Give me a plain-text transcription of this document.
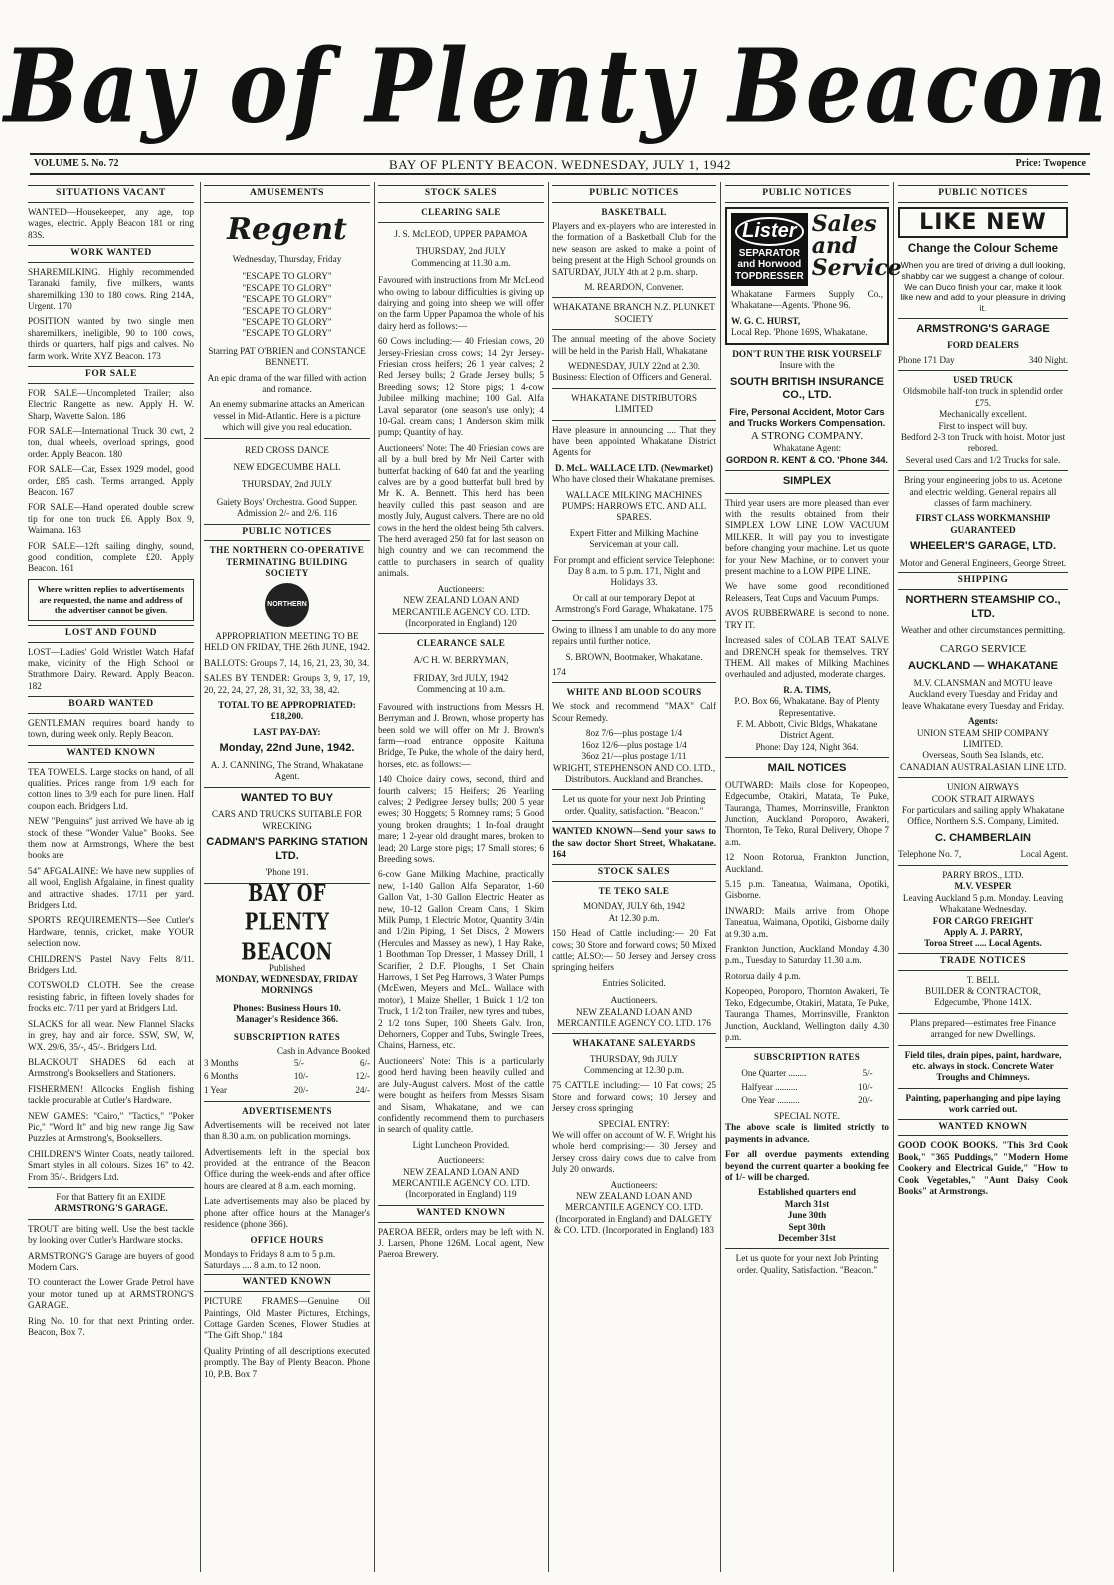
Bay of Plenty Beacon
VOLUME 5. No. 72	BAY OF PLENTY BEACON. WEDNESDAY, JULY 1, 1942	Price: Twopence
SITUATIONS VACANT

WANTED—Housekeeper, any age, top wages, electric. Apply Beacon 181 or ring 83S.

WORK WANTED

SHAREMILKING. Highly recommended Taranaki family, five milkers, wants sharemilking 130 to 180 cows. Ring 214A, Urgent. 170

POSITION wanted by two single men sharemilkers, ineligible, 90 to 100 cows, thirds or quarters, half pigs and calves. No farm work. Write XYZ Beacon. 173

FOR SALE

FOR SALE—Uncompleted Trailer; also Electric Rangette as new. Apply H. W. Sharp, Wavette Salon. 186

FOR SALE—International Truck 30 cwt, 2 ton, dual wheels, overload springs, good order. Apply Beacon. 180

FOR SALE—Car, Essex 1929 model, good order, £85 cash. Terms arranged. Apply Beacon. 167

FOR SALE—Hand operated double screw tip for one ton truck £6. Apply Box 9, Waimana. 163

FOR SALE—12ft sailing dinghy, sound, good condition, complete £20. Apply Beacon. 161

Where written replies to advertisements are requested, the name and address of the advertiser cannot be given.
LOST AND FOUND

LOST—Ladies' Gold Wristlet Watch Hafaf make, vicinity of the High School or Strathmore Dairy. Reward. Apply Beacon. 182

BOARD WANTED

GENTLEMAN requires board handy to town, during week only. Reply Beacon.

WANTED KNOWN

TEA TOWELS. Large stocks on hand, of all qualities. Prices range from 1/9 each for cotton lines to 3/9 each for pure linen. Half coupon each. Bridgers Ltd.

NEW "Penguins" just arrived We have ab ig stock of these "Wonder Value" Books. See them now at Armstrongs, Where the best books are

54" AFGALAINE: We have new supplies of all wool, English Afgalaine, in finest quality and attractive shades. 17/11 per yard. Bridgers Ltd.

SPORTS REQUIREMENTS—See Cutler's Hardware, tennis, cricket, make YOUR selection now.

CHILDREN'S Pastel Navy Felts 8/11. Bridgers Ltd.

COTSWOLD CLOTH. See the crease resisting fabric, in fifteen lovely shades for frocks etc. 7/11 per yard at Bridgers Ltd.

SLACKS for all wear. New Flannel Slacks in grey, hay and air force. SSW, SW, W, WX. 29/6, 35/-, 45/-. Bridgers Ltd.

BLACKOUT SHADES 6d each at Armstrong's Booksellers and Stationers.

FISHERMEN! Allcocks English fishing tackle procurable at Cutler's Hardware.

NEW GAMES: "Cairo," "Tactics," "Poker Pic," "Word It" and big new range Jig Saw Puzzles at Armstrong's, Booksellers.

CHILDREN'S Winter Coats, neatly tailored. Smart styles in all colours. Sizes 16" to 42. From 35/-. Bridgers Ltd.

For that Battery fit an EXIDE
ARMSTRONG'S GARAGE.

TROUT are biting well. Use the best tackle by looking over Cutler's Hardware stocks.

ARMSTRONG'S Garage are buyers of good Modern Cars.

TO counteract the Lower Grade Petrol have your motor tuned up at ARMSTRONG'S GARAGE.

Ring No. 10 for that next Printing order. Beacon, Box 7.

AMUSEMENTS
Regent
Wednesday, Thursday, Friday
"ESCAPE TO GLORY"
"ESCAPE TO GLORY"
"ESCAPE TO GLORY"
"ESCAPE TO GLORY"
"ESCAPE TO GLORY"
"ESCAPE TO GLORY"

Starring PAT O'BRIEN and CONSTANCE BENNETT.

An epic drama of the war filled with action and romance.

An enemy submarine attacks an American vessel in Mid-Atlantic. Here is a picture which will give you real education.

RED CROSS DANCE
NEW EDGECUMBE HALL
THURSDAY, 2nd JULY

Gaiety Boys' Orchestra. Good Supper. Admission 2/- and 2/6. 116

PUBLIC NOTICES
THE NORTHERN CO-OPERATIVE TERMINATING BUILDING SOCIETY
NORTHERN

APPROPRIATION MEETING TO BE HELD ON FRIDAY, THE 26th JUNE, 1942.

BALLOTS: Groups 7, 14, 16, 21, 23, 30, 34.

SALES BY TENDER: Groups 3, 9, 17, 19, 20, 22, 24, 27, 28, 31, 32, 33, 38, 42.

TOTAL TO BE APPROPRIATED: £18,200.

LAST PAY-DAY:
Monday, 22nd June, 1942.

A. J. CANNING, The Strand, Whakatane Agent.

WANTED TO BUY

CARS AND TRUCKS SUITABLE FOR WRECKING

CADMAN'S PARKING STATION LTD.
'Phone 191.
BAY OF PLENTY BEACON
Published
MONDAY, WEDNESDAY, FRIDAY MORNINGS
Phones: Business Hours 10.
Manager's Residence 366.
SUBSCRIPTION RATES
Cash in Advance Booked
3 Months	5/-	6/-
6 Months	10/-	12/-
1 Year	20/-	24/-
ADVERTISEMENTS

Advertisements will be received not later than 8.30 a.m. on publication mornings.

Advertisements left in the special box provided at the entrance of the Beacon Office during the week-ends and after office hours are cleared at 8 a.m. each morning.

Late advertisements may also be placed by phone after office hours at the Manager's residence (phone 366).

OFFICE HOURS
Mondays to Fridays 8 a.m to 5 p.m.
Saturdays .... 8 a.m. to 12 noon.
WANTED KNOWN

PICTURE FRAMES—Genuine Oil Paintings, Old Master Pictures, Etchings, Cottage Garden Scenes, Flower Studies at "The Gift Shop." 184

Quality Printing of all descriptions executed promptly. The Bay of Plenty Beacon. Phone 10, P.B. Box 7

STOCK SALES
CLEARING SALE
J. S. McLEOD, UPPER PAPAMOA
THURSDAY, 2nd JULY
Commencing at 11.30 a.m.

Favoured with instructions from Mr McLeod who owing to labour difficulties is giving up dairying and going into sheep we will offer on the farm Upper Papamoa the whole of his dairy herd as follows:—

60 Cows including:— 40 Friesian cows, 20 Jersey-Friesian cross cows; 14 2yr Jersey-Friesian cross heifers; 26 1 year calves; 2 Red Jersey bulls; 2 Grade Jersey bulls; 5 Breeding sows; 12 Store pigs; 1 4-cow Jubilee milking machine; 100 Gal. Alfa Laval separator (one season's use only); 4 10-Gal. cream cans; 1 Anderson skim milk pump; Quantity of hay.

Auctioneers' Note: The 40 Friesian cows are all by a bull bred by Mr Neil Carter with butterfat backing of 640 fat and the yearling calves are by a good butterfat bull bred by Mr K. A. Bennett. This herd has been heavily culled this past season and are mostly July, August calvers. There are no old cows in the herd the oldest being 5th calvers. The herd averaged 250 fat for last season on high country and we can recommend the cattle to purchasers in search of quality animals.

Auctioneers:

NEW ZEALAND LOAN AND MERCANTILE AGENCY CO. LTD. (Incorporated in England) 120

CLEARANCE SALE
A/C H. W. BERRYMAN,
FRIDAY, 3rd JULY, 1942
Commencing at 10 a.m.

Favoured with instructions from Messrs H. Berryman and J. Brown, whose property has been sold we will offer on Mr J. Brown's farm—road entrance opposite Kaituna Bridge, Te Puke, the whole of the dairy herd, horses, etc. as follows:—

140 Choice dairy cows, second, third and fourth calvers; 15 Heifers; 26 Yearling calves; 2 Pedigree Jersey bulls; 200 5 year ewes; 30 Hoggets; 5 Romney rams; 5 Good young broken draughts; 1 In-foal draught mare; 1 2-year old draught mares, broken to lead; 20 Large store pigs; 17 Small stores; 6 Breeding sows.

6-cow Gane Milking Machine, practically new, 1-140 Gallon Alfa Separator, 1-60 Gallon Vat, 1-30 Gallon Electric Heater as new, 10-12 Gallon Cream Cans, 1 Skim Milk Pump, 1 Electric Motor, Quantity 3/4in and 1/2in Piping, 1 Set Discs, 2 Mowers (Hercules and Massey as new), 1 Hay Rake, 1 Boothman Top Dresser, 1 Massey Drill, 1 Scarifier, 2 D.F. Ploughs, 1 Set Chain Harrows, 1 Set Peg Harrows, 3 Water Pumps (McEwen, Meyers and McL. Wallace with motor), 1 Maize Sheller, 1 Buick 1 1/2 ton Truck, 1 1/2 ton Trailer, new tyres and tubes, 2 1/2 tons Super, 100 Sheets Galv. Iron, Dehorners, Copper and Tubs, Swingle Trees, Chains, Harness, etc.

Auctioneers' Note: This is a particularly good herd having been heavily culled and are July-August calvers. Most of the cattle were bought as heifers from Messrs Sisam and Sisam, Whakatane, and we can confidently recommend them to purchasers in search of quality cattle.

Light Luncheon Provided.
Auctioneers:

NEW ZEALAND LOAN AND MERCANTILE AGENCY CO. LTD. (Incorporated in England) 119

WANTED KNOWN

PAEROA BEER, orders may be left with N. J. Larsen, Phone 126M. Local agent, New Paeroa Brewery.

PUBLIC NOTICES
BASKETBALL

Players and ex-players who are interested in the formation of a Basketball Club for the new season are asked to make a point of being present at the High School grounds on SATURDAY, JULY 4th at 2 p.m. sharp.

M. REARDON, Convener.
WHAKATANE BRANCH N.Z. PLUNKET SOCIETY

The annual meeting of the above Society will be held in the Parish Hall, Whakatane

WEDNESDAY, JULY 22nd at 2.30.

Business: Election of Officers and General.

WHAKATANE DISTRIBUTORS LIMITED

Have pleasure in announcing .... That they have been appointed Whakatane District Agents for

D. McL. WALLACE LTD. (Newmarket)

Who have closed their Whakatane premises.

WALLACE MILKING MACHINES PUMPS: HARROWS ETC. AND ALL SPARES.

Expert Fitter and Milking Machine Serviceman at your call.

For prompt and efficient service Telephone: Day 8 a.m. to 5 p.m. 171, Night and Holidays 33.

Or call at our temporary Depot at Armstrong's Ford Garage, Whakatane. 175

Owing to illness I am unable to do any more repairs until further notice.

S. BROWN, Bootmaker, Whakatane.

174
WHITE AND BLOOD SCOURS

We stock and recommend "MAX" Calf Scour Remedy.

8oz 7/6—plus postage 1/4
16oz 12/6—plus postage 1/4
36oz 21/—plus postage 1/11

WRIGHT, STEPHENSON AND CO. LTD., Distributors. Auckland and Branches.

Let us quote for your next Job Printing order. Quality, satisfaction. "Beacon."

WANTED KNOWN—Send your saws to the saw doctor Short Street, Whakatane. 164

STOCK SALES
TE TEKO SALE
MONDAY, JULY 6th, 1942
At 12.30 p.m.

150 Head of Cattle including:— 20 Fat cows; 30 Store and forward cows; 50 Mixed cattle; ALSO:— 50 Jersey and Jersey cross springing heifers

Entries Solicited.
Auctioneers.

NEW ZEALAND LOAN AND MERCANTILE AGENCY CO. LTD. 176

WHAKATANE SALEYARDS
THURSDAY, 9th JULY
Commencing at 12.30 p.m.

75 CATTLE including:— 10 Fat cows; 25 Store and forward cows; 10 Jersey and Jersey cross springing

SPECIAL ENTRY:

We will offer on account of W. F. Wright his whole herd comprising:— 30 Jersey and Jersey cross dairy cows due to calve from July 20 onwards.

Auctioneers:

NEW ZEALAND LOAN AND MERCANTILE AGENCY CO. LTD. (Incorporated in England) and DALGETY & CO. LTD. (Incorporated in England) 183

PUBLIC NOTICES
Lister
SEPARATOR and Horwood TOPDRESSER
Sales and Service

Whakatane Farmers Supply Co., Whakatane—Agents. 'Phone 96.

W. G. C. HURST,
Local Rep. 'Phone 169S, Whakatane.
DON'T RUN THE RISK YOURSELF
Insure with the
SOUTH BRITISH INSURANCE CO., LTD.
Fire, Personal Accident, Motor Cars and Trucks Workers Compensation.
A STRONG COMPANY.
Whakatane Agent:
GORDON R. KENT & CO. 'Phone 344.
SIMPLEX

Third year users are more pleased than ever with the results obtained from their SIMPLEX LOW LINE LOW VACUUM MILKER. It will pay you to investigate before changing your machine. Let us quote for your New Machine, or to convert your present machine to a LOW PIPE LINE.

We have some good reconditioned Releasers, Teat Cups and Vacuum Pumps.

AVOS RUBBERWARE is second to none. TRY IT.

Increased sales of COLAB TEAT SALVE and DRENCH speak for themselves. TRY THEM. All makes of Milking Machines overhauled and adjusted, moderate charges.

R. A. TIMS,
P.O. Box 66, Whakatane. Bay of Plenty Representative.
F. M. Abbott, Civic Bldgs, Whakatane District Agent.
Phone: Day 124, Night 364.
MAIL NOTICES

OUTWARD: Mails close for Kopeopeo, Edgecumbe, Otakiri, Matata, Te Puke, Tauranga, Thames, Morrinsville, Frankton Junction, Auckland Poroporo, Awakeri, Thornton, Te Teko, Rural Delivery, Ohope 7 a.m.

12 Noon Rotorua, Frankton Junction, Auckland.

5.15 p.m. Taneatua, Waimana, Opotiki, Gisborne.

INWARD: Mails arrive from Ohope Taneatua, Waimana, Opotiki, Gisborne daily at 9.30 a.m.

Frankton Junction, Auckland Monday 4.30 p.m., Tuesday to Saturday 11.30 a.m.

Rotorua daily 4 p.m.

Kopeopeo, Poroporo, Thornton Awakeri, Te Teko, Edgecumbe, Otakiri, Matata, Te Puke, Tauranga Thames, Morrinsville, Frankton Junction, Auckland, Wellington daily 4.30 p.m.

SUBSCRIPTION RATES
One Quarter ........	5/-
Halfyear ..........	10/-
One Year ..........	20/-
SPECIAL NOTE.

The above scale is limited strictly to payments in advance.

For all overdue payments extending beyond the current quarter a booking fee of 1/- will be charged.

Established quarters end
March 31st
June 30th
Sept 30th
December 31st

Let us quote for your next Job Printing order. Quality, Satisfaction. "Beacon."

PUBLIC NOTICES
LIKE NEW
Change the Colour Scheme

When you are tired of driving a dull looking, shabby car we suggest a change of colour. We can Duco finish your car, make it look like new and add to your pleasure in driving it.

ARMSTRONG'S GARAGE
FORD DEALERS
Phone 171 Day	340 Night.
USED TRUCK
Oldsmobile half-ton truck in splendid order £75.
Mechanically excellent.
First to inspect will buy.
Bedford 2-3 ton Truck with hoist. Motor just rebored.
Several used Cars and 1/2 Trucks for sale.

Bring your engineering jobs to us. Acetone and electric welding. General repairs all classes of farm machinery.

FIRST CLASS WORKMANSHIP GUARANTEED
WHEELER'S GARAGE, LTD.
Motor and General Engineers, George Street.
SHIPPING
NORTHERN STEAMSHIP CO., LTD.
Weather and other circumstances permitting.
CARGO SERVICE
AUCKLAND — WHAKATANE

M.V. CLANSMAN and MOTU leave Auckland every Tuesday and Friday and leave Whakatane every Tuesday and Friday.

Agents:
UNION STEAM SHIP COMPANY LIMITED.
Overseas, South Sea Islands, etc.
CANADIAN AUSTRALASIAN LINE LTD.
UNION AIRWAYS
COOK STRAIT AIRWAYS
For particulars and sailing apply Whakatane Office, Northern S.S. Company, Limited.
C. CHAMBERLAIN
Telephone No. 7,	Local Agent.
PARRY BROS., LTD.
M.V. VESPER
Leaving Auckland 5 p.m. Monday. Leaving Whakatane Wednesday.
FOR CARGO FREIGHT
Apply A. J. PARRY,
Toroa Street ..... Local Agents.
TRADE NOTICES
T. BELL
BUILDER & CONTRACTOR,
Edgecumbe, 'Phone 141X.
Plans prepared—estimates free Finance arranged for new Dwellings.
Field tiles, drain pipes, paint, hardware, etc. always in stock. Concrete Water Troughs and Chimneys.
Painting, paperhanging and pipe laying work carried out.
WANTED KNOWN

GOOD COOK BOOKS. "This 3rd Cook Book," "365 Puddings," "Modern Home Cookery and Electrical Guide," "How to Cook Vegetables," "Aunt Daisy Cook Books" at Armstrongs.
